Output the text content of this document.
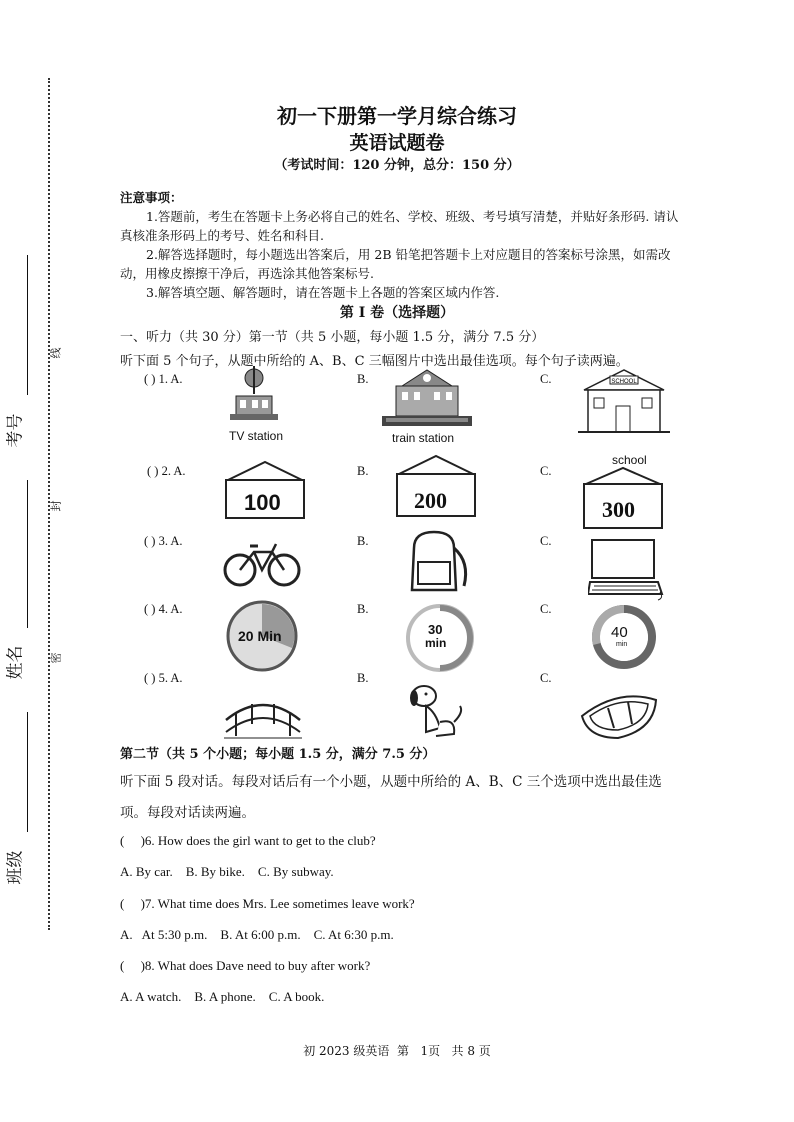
考号
姓名
班级
线
封
密
初一下册第一学月综合练习
英语试题卷
（考试时间：120 分钟，总分：150 分）
注意事项：
1.答题前，考生在答题卡上务必将自己的姓名、学校、班级、考号填写清楚，并贴好条形码. 请认真核准条形码上的考号、姓名和科目.
2.解答选择题时，每小题选出答案后，用 2B 铅笔把答题卡上对应题目的答案标号涂黑，如需改动，用橡皮擦擦干净后，再选涂其他答案标号.
3.解答填空题、解答题时，请在答题卡上各题的答案区域内作答.
第 I 卷（选择题）
一、听力（共 30 分）第一节（共 5 小题，每小题 1.5 分，满分 7.5 分）
听下面 5 个句子，从题中所给的 A、B、C 三幅图片中选出最佳选项。每个句子读两遍。
( ) 1. A.
TV station
B.
train station
C.	SCHOOL
( ) 2. A.
100
B.
200
C.
school
300
( ) 3. A.	B.	C.
( ) 4. A.
20 Min
B.
30
min
C.
40
min
( ) 5. A.	B.	C.
第二节（共 5 个小题；每小题 1.5 分，满分 7.5 分）
听下面 5 段对话。每段对话后有一个小题，从题中所给的 A、B、C 三个选项中选出最佳选
项。每段对话读两遍。
(     )6. How does the girl want to get to the club?
A. By car.    B. By bike.    C. By subway.
(     )7. What time does Mrs. Lee sometimes leave work?
A.   At 5:30 p.m.    B. At 6:00 p.m.    C. At 6:30 p.m.
(     )8. What does Dave need to buy after work?
A. A watch.    B. A phone.    C. A book.
初 2023 级英语  第   1页   共 8 页
